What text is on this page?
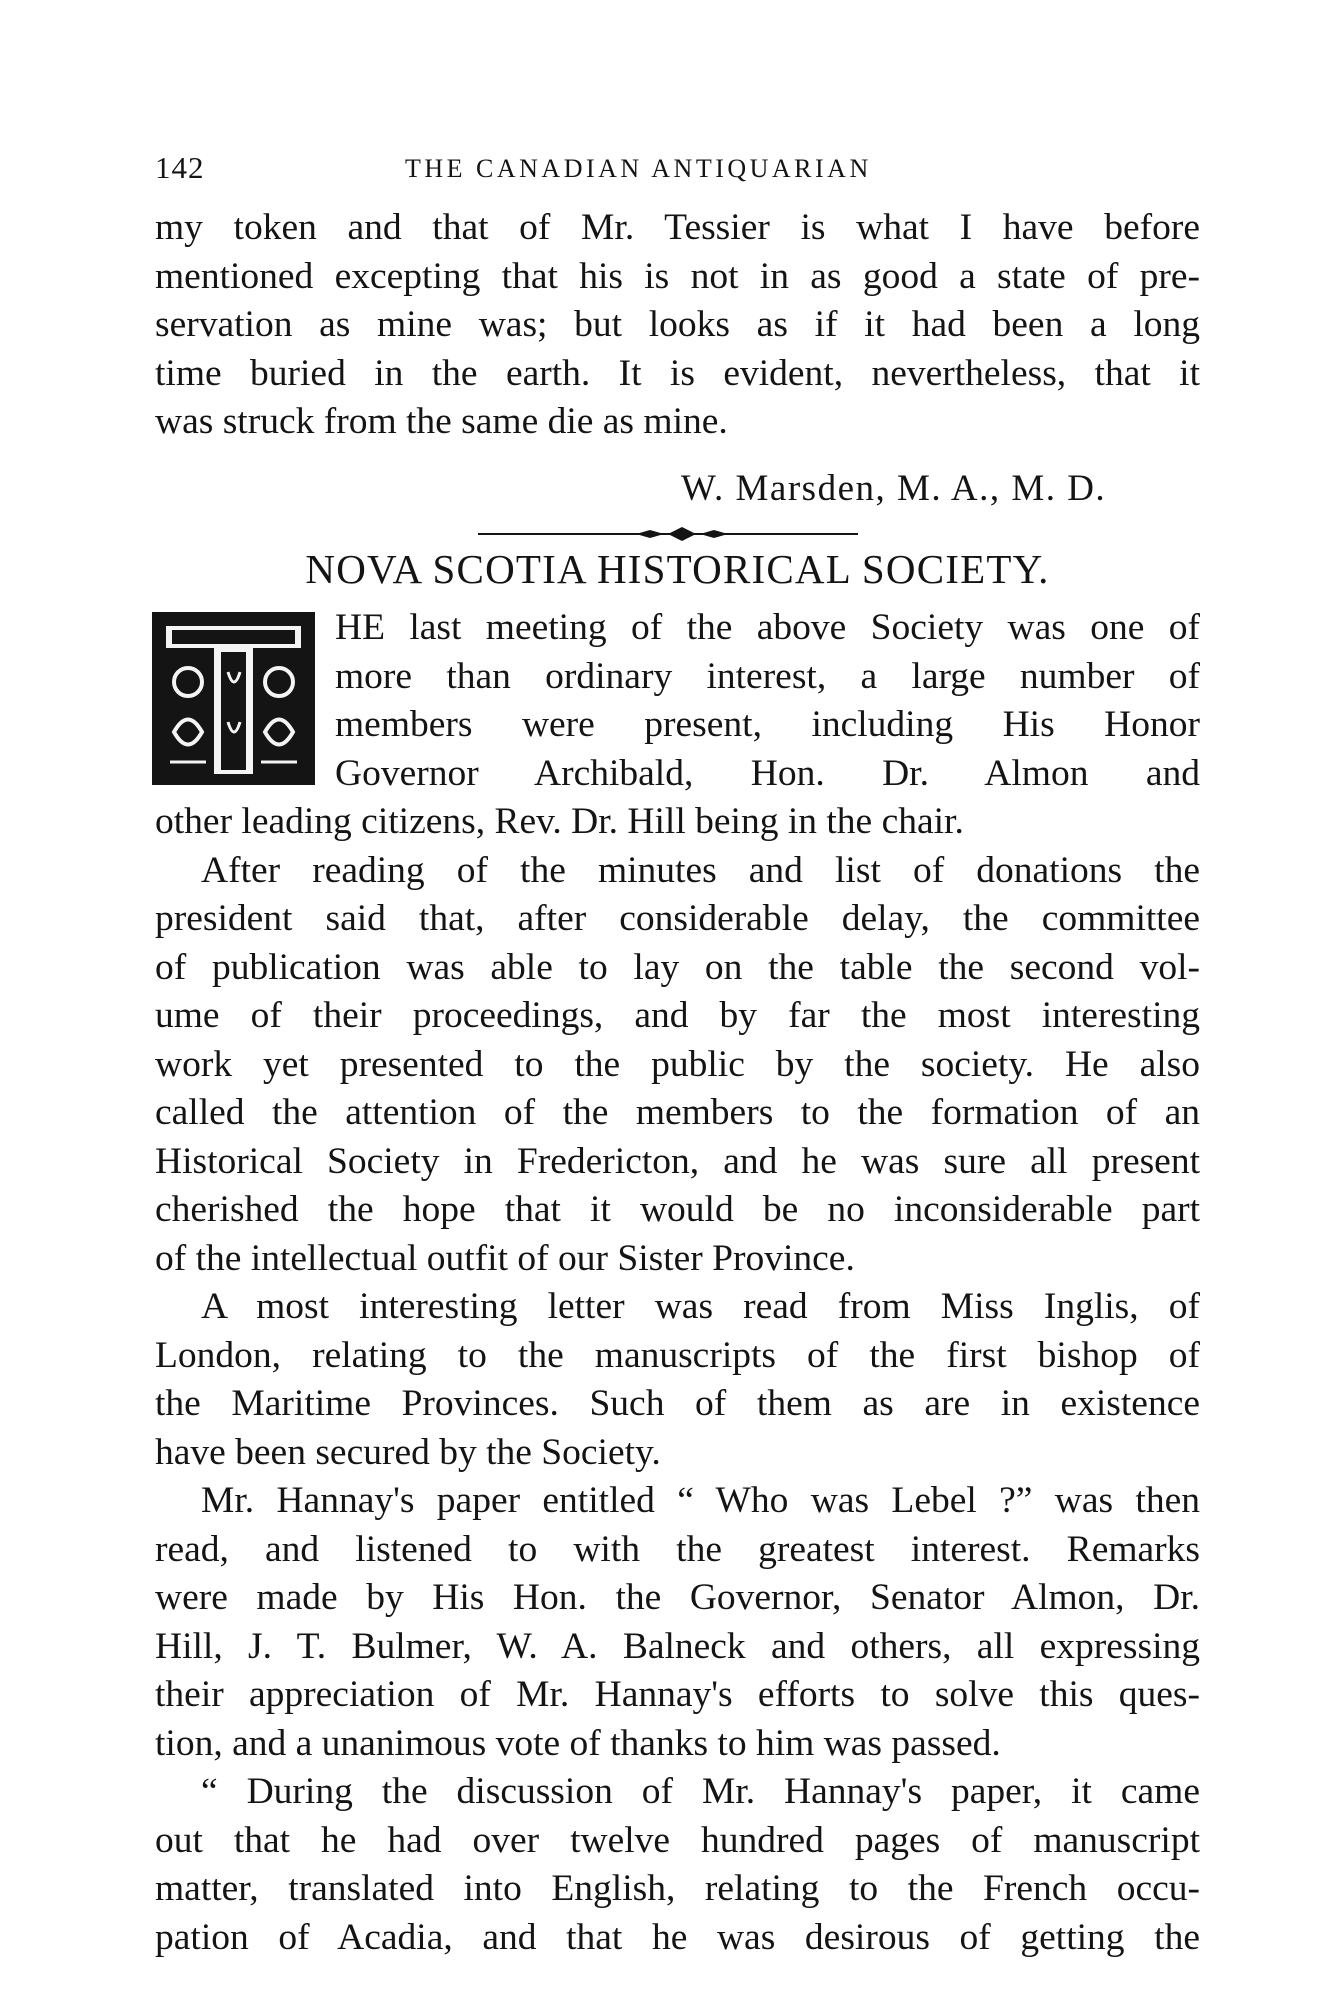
142	THE CANADIAN ANTIQUARIAN
my token and that of Mr. Tessier is what I have before
mentioned excepting that his is not in as good a state of pre-
servation as mine was; but looks as if it had been a long
time buried in the earth. It is evident, nevertheless, that it
was struck from the same die as mine.
W. Marsden, M. A., M. D.
NOVA SCOTIA HISTORICAL SOCIETY.
HE last meeting of the above Society was one of
more than ordinary interest, a large number of
members were present, including His Honor
Governor Archibald, Hon. Dr. Almon and
other leading citizens, Rev. Dr. Hill being in the chair.
After reading of the minutes and list of donations the
president said that, after considerable delay, the committee
of publication was able to lay on the table the second vol-
ume of their proceedings, and by far the most interesting
work yet presented to the public by the society. He also
called the attention of the members to the formation of an
Historical Society in Fredericton, and he was sure all present
cherished the hope that it would be no inconsiderable part
of the intellectual outfit of our Sister Province.
A most interesting letter was read from Miss Inglis, of
London, relating to the manuscripts of the first bishop of
the Maritime Provinces. Such of them as are in existence
have been secured by the Society.
Mr. Hannay's paper entitled “ Who was Lebel ?” was then
read, and listened to with the greatest interest. Remarks
were made by His Hon. the Governor, Senator Almon, Dr.
Hill, J. T. Bulmer, W. A. Balneck and others, all expressing
their appreciation of Mr. Hannay's efforts to solve this ques-
tion, and a unanimous vote of thanks to him was passed.
“ During the discussion of Mr. Hannay's paper, it came
out that he had over twelve hundred pages of manuscript
matter, translated into English, relating to the French occu-
pation of Acadia, and that he was desirous of getting the
